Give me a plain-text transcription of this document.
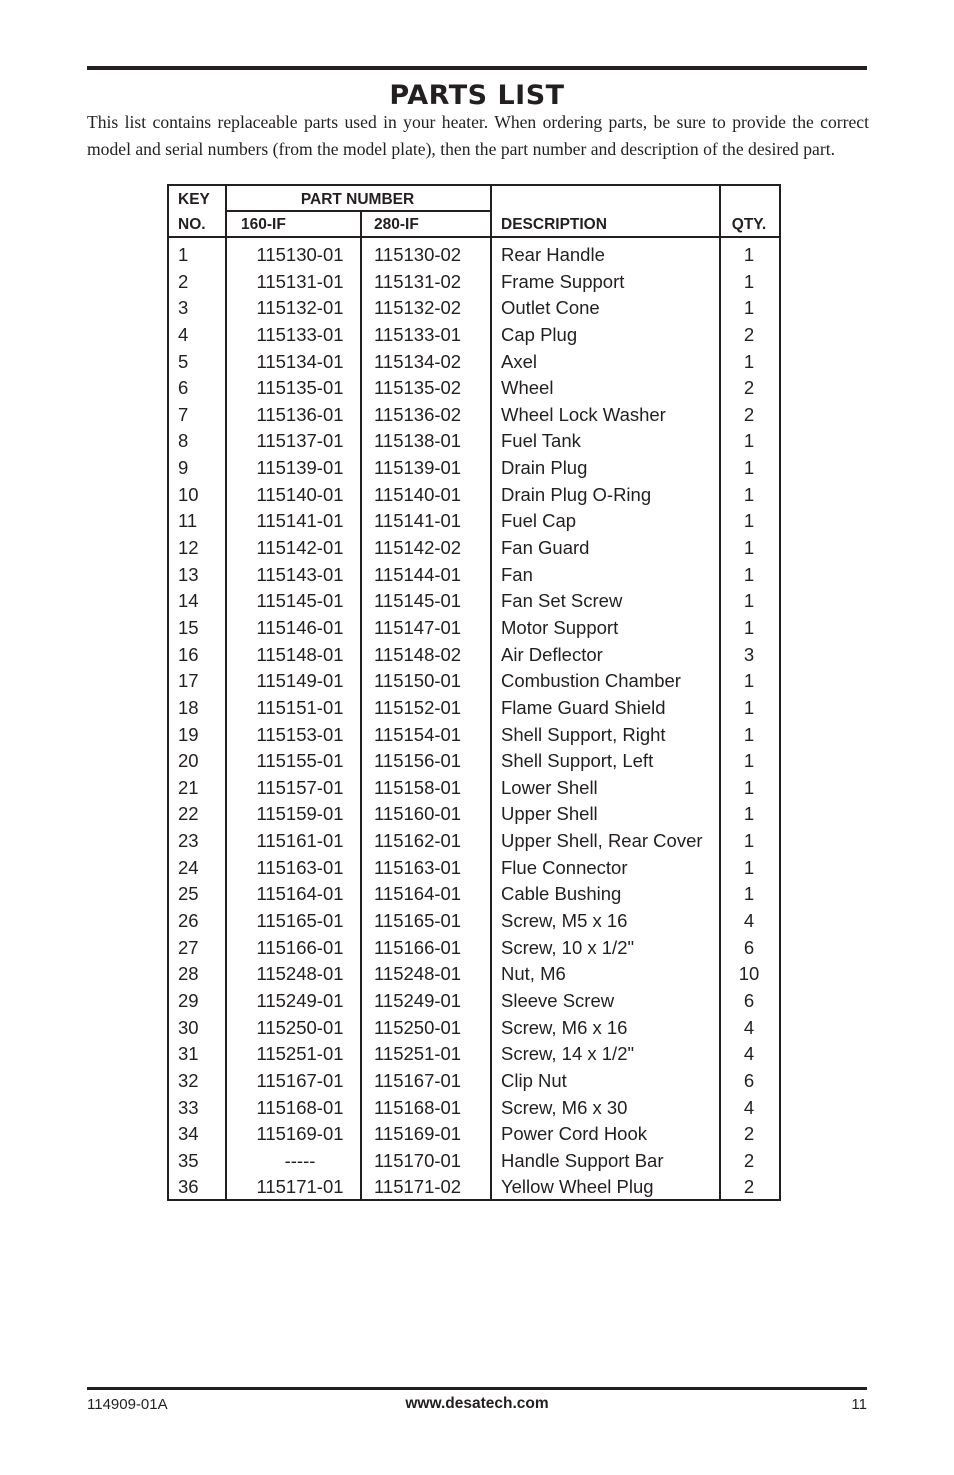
PARTS LIST
This list contains replaceable parts used in your heater. When ordering parts, be sure to provide the correct model and serial numbers (from the model plate), then the part number and description of the desired part.
KEY
NO.
PART NUMBER
160-IF	280-IF	DESCRIPTION	QTY.
1	115130-01	115130-02 Rear Handle	1
2	115131-01	115131-02 Frame Support	1
3	115132-01	115132-02 Outlet Cone	1
4	115133-01	115133-01 Cap Plug	2
5	115134-01	115134-02 Axel	1
6	115135-01	115135-02 Wheel	2
7	115136-01	115136-02 Wheel Lock Washer	2
8	115137-01	115138-01 Fuel Tank	1
9	115139-01	115139-01 Drain Plug	1
10	115140-01	115140-01 Drain Plug O-Ring	1
11	115141-01	115141-01 Fuel Cap	1
12	115142-01	115142-02 Fan Guard	1
13	115143-01	115144-01 Fan	1
14	115145-01	115145-01 Fan Set Screw	1
15	115146-01	115147-01 Motor Support	1
16	115148-01	115148-02 Air Deflector	3
17	115149-01	115150-01 Combustion Chamber	1
18	115151-01	115152-01 Flame Guard Shield	1
19	115153-01	115154-01 Shell Support, Right	1
20	115155-01	115156-01 Shell Support, Left	1
21	115157-01	115158-01 Lower Shell	1
22	115159-01	115160-01 Upper Shell	1
23	115161-01	115162-01 Upper Shell, Rear Cover	1
24	115163-01	115163-01 Flue Connector	1
25	115164-01	115164-01 Cable Bushing	1
26	115165-01	115165-01 Screw, M5 x 16	4
27	115166-01	115166-01 Screw, 10 x 1/2"	6
28	115248-01	115248-01 Nut, M6	10
29	115249-01	115249-01 Sleeve Screw	6
30	115250-01	115250-01 Screw, M6 x 16	4
31	115251-01	115251-01 Screw, 14 x 1/2"	4
32	115167-01	115167-01 Clip Nut	6
33	115168-01	115168-01 Screw, M6 x 30	4
34	115169-01	115169-01 Power Cord Hook	2
35	-----	115170-01 Handle Support Bar	2
36	115171-01	115171-02 Yellow Wheel Plug	2
114909-01A	www.desatech.com	11
